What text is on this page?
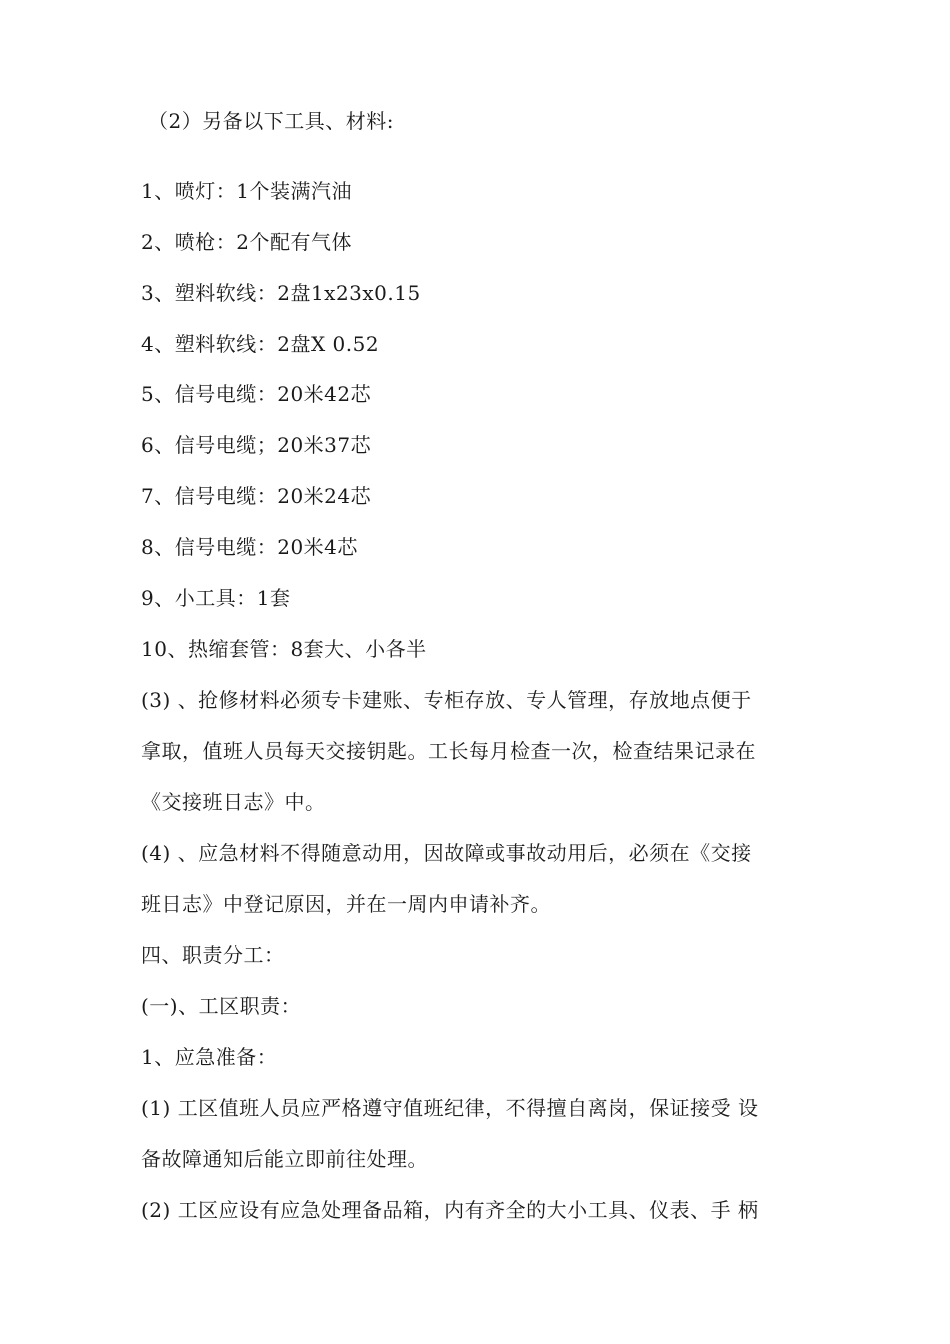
（2）另备以下工具、材料:
1、喷灯：1个装满汽油
2、喷枪：2个配有气体
3、塑料软线：2盘1x23x0.15
4、塑料软线：2盘X 0.52
5、信号电缆：20米42芯
6、信号电缆；20米37芯
7、信号电缆：20米24芯
8、信号电缆：20米4芯
9、小工具：1套
10、热缩套管：8套大、小各半
(3) 、抢修材料必须专卡建账、专柜存放、专人管理，存放地点便于
拿取，值班人员每天交接钥匙。工长每月检查一次，检查结果记录在
《交接班日志》中。
(4) 、应急材料不得随意动用，因故障或事故动用后，必须在《交接
班日志》中登记原因，并在一周内申请补齐。
四、职责分工：
(一)、工区职责：
1、应急准备：
(1) 工区值班人员应严格遵守值班纪律，不得擅自离岗，保证接受 设
备故障通知后能立即前往处理。
(2) 工区应设有应急处理备品箱，内有齐全的大小工具、仪表、手 柄
